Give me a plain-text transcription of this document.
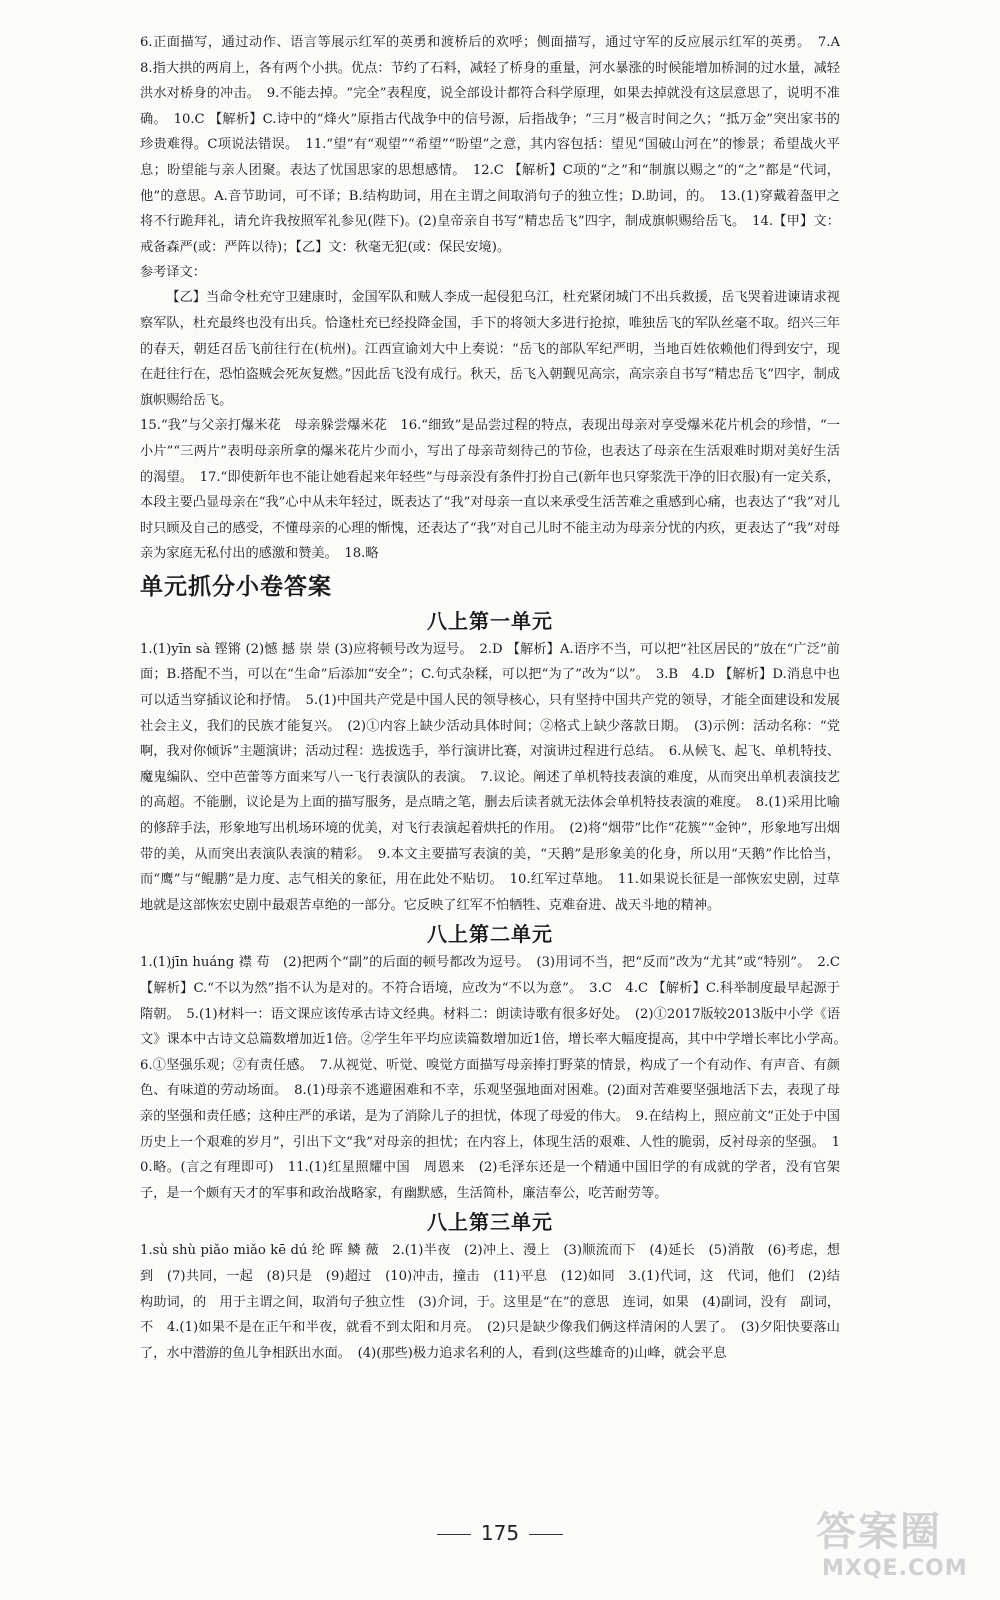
6.正面描写，通过动作、语言等展示红军的英勇和渡桥后的欢呼；侧面描写，通过守军的反应展示红军的英勇。　7.A　8.指大拱的两肩上，各有两个小拱。优点：节约了石料，减轻了桥身的重量，河水暴涨的时候能增加桥洞的过水量，减轻洪水对桥身的冲击。　9.不能去掉。“完全”表程度，说全部设计都符合科学原理，如果去掉就没有这层意思了，说明不准确。　10.C 【解析】C.诗中的“烽火”原指古代战争中的信号源，后指战争；“三月”极言时间之久；“抵万金”突出家书的珍贵难得。C项说法错误。　11.“望”有“观望”“希望”“盼望”之意，其内容包括：望见“国破山河在”的惨景；希望战火平息；盼望能与亲人团聚。表达了忧国思家的思想感情。　12.C 【解析】C项的“之”和“制旗以赐之”的“之”都是“代词，他”的意思。A.音节助词，可不译；B.结构助词，用在主谓之间取消句子的独立性；D.助词，的。　13.(1)穿戴着盔甲之将不行跪拜礼，请允许我按照军礼参见(陛下)。(2)皇帝亲自书写“精忠岳飞”四字，制成旗帜赐给岳飞。　14.【甲】文：戒备森严(或：严阵以待)；【乙】文：秋毫无犯(或：保民安境)。

参考译文：

【乙】当命令杜充守卫建康时，金国军队和贼人李成一起侵犯乌江，杜充紧闭城门不出兵救援，岳飞哭着进谏请求视察军队，杜充最终也没有出兵。恰逢杜充已经投降金国，手下的将领大多进行抢掠，唯独岳飞的军队丝毫不取。绍兴三年的春天，朝廷召岳飞前往行在(杭州)。江西宣谕刘大中上奏说：“岳飞的部队军纪严明，当地百姓依赖他们得到安宁，现在赶往行在，恐怕盗贼会死灰复燃。”因此岳飞没有成行。秋天，岳飞入朝觐见高宗，高宗亲自书写“精忠岳飞”四字，制成旗帜赐给岳飞。

15.“我”与父亲打爆米花　母亲躲尝爆米花　16.“细致”是品尝过程的特点，表现出母亲对享受爆米花片机会的珍惜，“一小片”“三两片”表明母亲所拿的爆米花片少而小，写出了母亲苛刻待己的节俭，也表达了母亲在生活艰难时期对美好生活的渴望。　17.“即使新年也不能让她看起来年轻些”与母亲没有条件打扮自己(新年也只穿浆洗干净的旧衣服)有一定关系，本段主要凸显母亲在“我”心中从未年轻过，既表达了“我”对母亲一直以来承受生活苦难之重感到心痛，也表达了“我”对儿时只顾及自己的感受，不懂母亲的心理的惭愧，还表达了“我”对自己儿时不能主动为母亲分忧的内疚，更表达了“我”对母亲为家庭无私付出的感激和赞美。　18.略

单元抓分小卷答案
八上第一单元

1.(1)yīn sà 铿锵 (2)憾 撼 崇 崇 (3)应将顿号改为逗号。　2.D 【解析】A.语序不当，可以把“社区居民的”放在“广泛”前面；B.搭配不当，可以在“生命”后添加“安全”；C.句式杂糅，可以把“为了”改为“以”。　3.B　4.D 【解析】D.消息中也可以适当穿插议论和抒情。　5.(1)中国共产党是中国人民的领导核心，只有坚持中国共产党的领导，才能全面建设和发展社会主义，我们的民族才能复兴。　(2)①内容上缺少活动具体时间；②格式上缺少落款日期。　(3)示例：活动名称：“党啊，我对你倾诉”主题演讲；活动过程：选拔选手，举行演讲比赛，对演讲过程进行总结。　6.从候飞、起飞、单机特技、魔鬼编队、空中芭蕾等方面来写八一飞行表演队的表演。　7.议论。阐述了单机特技表演的难度，从而突出单机表演技艺的高超。不能删，议论是为上面的描写服务，是点睛之笔，删去后读者就无法体会单机特技表演的难度。　8.(1)采用比喻的修辞手法，形象地写出机场环境的优美，对飞行表演起着烘托的作用。　(2)将“烟带”比作“花簇”“金钟”，形象地写出烟带的美，从而突出表演队表演的精彩。　9.本文主要描写表演的美，“天鹅”是形象美的化身，所以用“天鹅”作比恰当，而“鹰”与“鲲鹏”是力度、志气相关的象征，用在此处不贴切。　10.红军过草地。　11.如果说长征是一部恢宏史剧，过草地就是这部恢宏史剧中最艰苦卓绝的一部分。它反映了红军不怕牺牲、克难奋进、战天斗地的精神。

八上第二单元

1.(1)jīn huáng 襟 苟　(2)把两个“副”的后面的顿号都改为逗号。　(3)用词不当，把“反而”改为“尤其”或“特别”。　2.C 【解析】C.“不以为然”指不认为是对的。不符合语境，应改为“不以为意”。　3.C　4.C 【解析】C.科举制度最早起源于隋朝。　5.(1)材料一：语文课应该传承古诗文经典。材料二：朗读诗歌有很多好处。　(2)①2017版较2013版中小学《语文》课本中古诗文总篇数增加近1倍。②学生年平均应读篇数增加近1倍，增长率大幅度提高，其中中学增长率比小学高。　6.①坚强乐观；②有责任感。　7.从视觉、听觉、嗅觉方面描写母亲捧打野菜的情景，构成了一个有动作、有声音、有颜色、有味道的劳动场面。　8.(1)母亲不逃避困难和不幸，乐观坚强地面对困难。(2)面对苦难要坚强地活下去，表现了母亲的坚强和责任感；这种庄严的承诺，是为了消除儿子的担忧，体现了母爱的伟大。　9.在结构上，照应前文“正处于中国历史上一个艰难的岁月”，引出下文“我”对母亲的担忧；在内容上，体现生活的艰难、人性的脆弱，反衬母亲的坚强。　10.略。(言之有理即可)　11.(1)红星照耀中国　周恩来　(2)毛泽东还是一个精通中国旧学的有成就的学者，没有官架子，是一个颇有天才的军事和政治战略家，有幽默感，生活简朴，廉洁奉公，吃苦耐劳等。

八上第三单元

1.sù shù piǎo miǎo kē dú 纶 晖 鳞 薇　2.(1)半夜　(2)冲上、漫上　(3)顺流而下　(4)延长　(5)消散　(6)考虑，想到　(7)共同，一起　(8)只是　(9)超过　(10)冲击，撞击　(11)平息　(12)如同　3.(1)代词，这　代词，他们　(2)结构助词，的　用于主谓之间，取消句子独立性　(3)介词，于。这里是“在”的意思　连词，如果　(4)副词，没有　副词，不　4.(1)如果不是在正午和半夜，就看不到太阳和月亮。　(2)只是缺少像我们俩这样清闲的人罢了。　(3)夕阳快要落山了，水中潜游的鱼儿争相跃出水面。　(4)(那些)极力追求名利的人，看到(这些雄奇的)山峰，就会平息

175	答案圈
MXQE.COM
